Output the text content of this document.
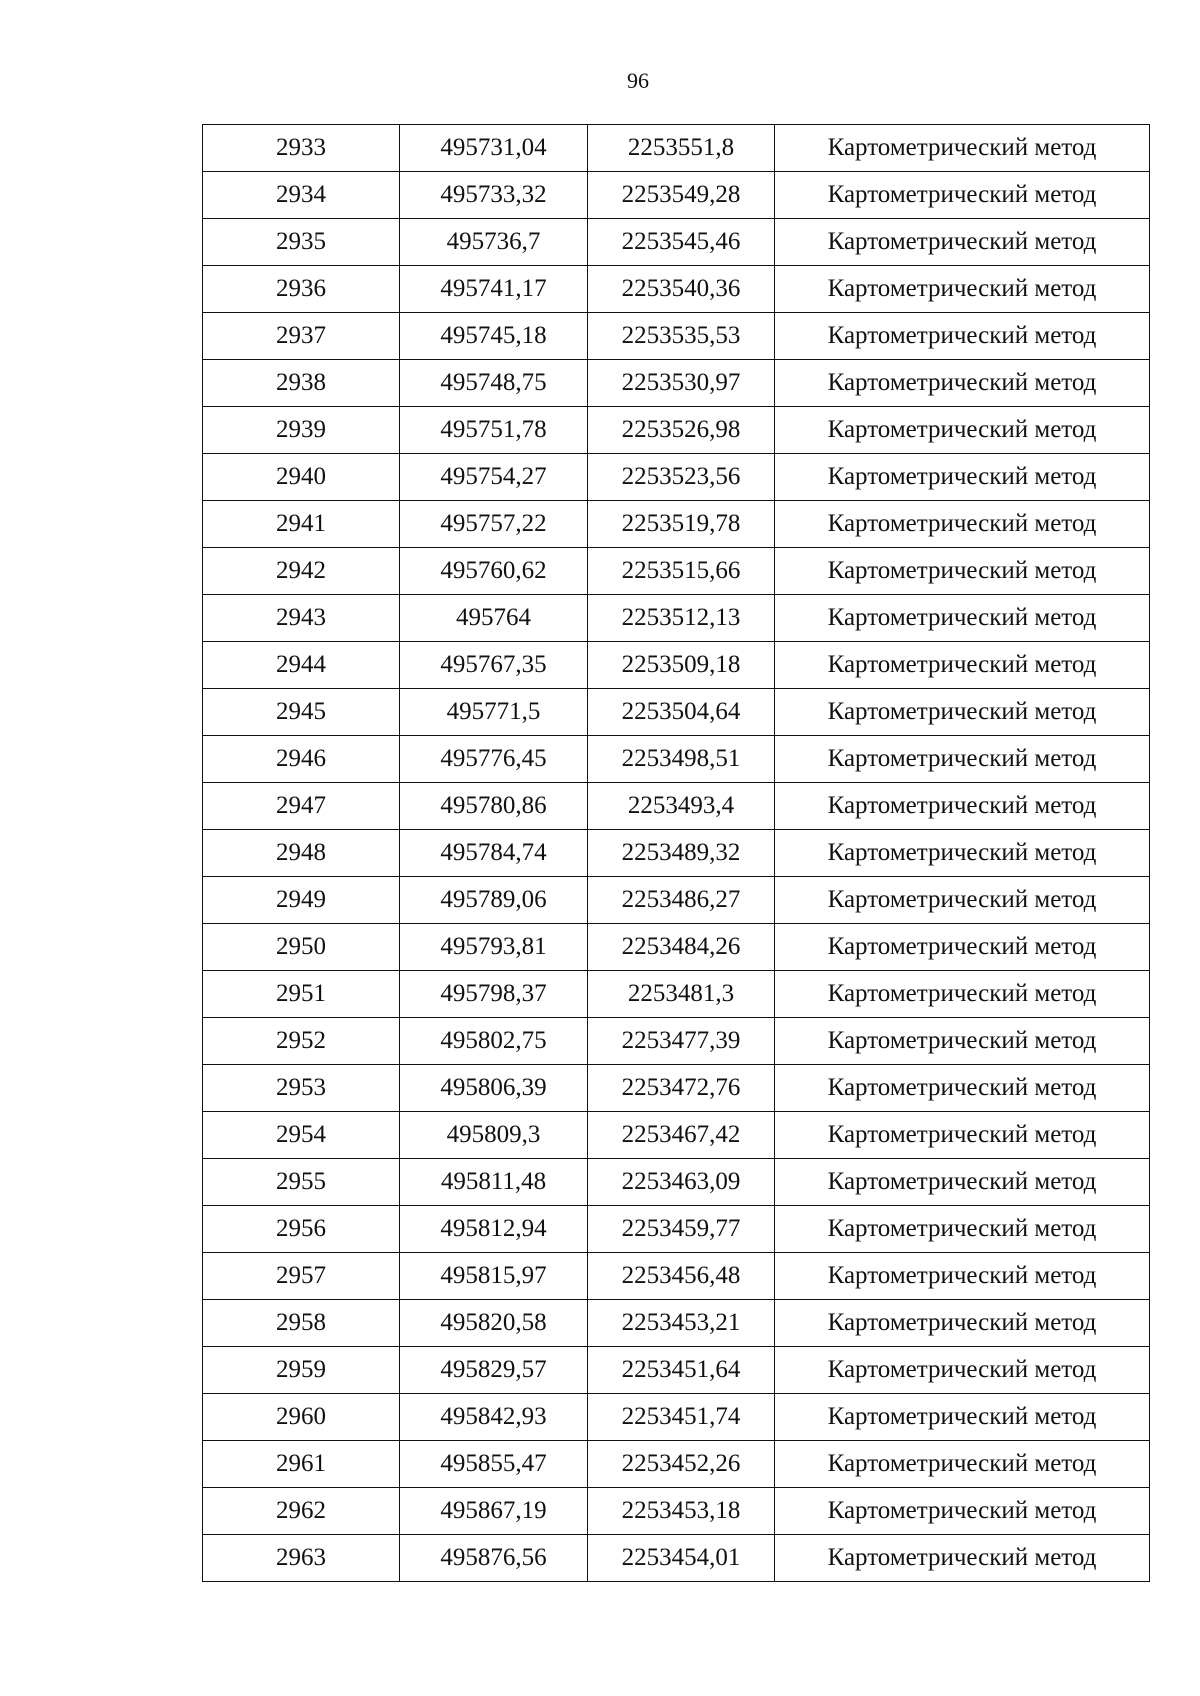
96
2933	495731,04	2253551,8	Картометрический метод
2934	495733,32	2253549,28	Картометрический метод
2935	495736,7	2253545,46	Картометрический метод
2936	495741,17	2253540,36	Картометрический метод
2937	495745,18	2253535,53	Картометрический метод
2938	495748,75	2253530,97	Картометрический метод
2939	495751,78	2253526,98	Картометрический метод
2940	495754,27	2253523,56	Картометрический метод
2941	495757,22	2253519,78	Картометрический метод
2942	495760,62	2253515,66	Картометрический метод
2943	495764	2253512,13	Картометрический метод
2944	495767,35	2253509,18	Картометрический метод
2945	495771,5	2253504,64	Картометрический метод
2946	495776,45	2253498,51	Картометрический метод
2947	495780,86	2253493,4	Картометрический метод
2948	495784,74	2253489,32	Картометрический метод
2949	495789,06	2253486,27	Картометрический метод
2950	495793,81	2253484,26	Картометрический метод
2951	495798,37	2253481,3	Картометрический метод
2952	495802,75	2253477,39	Картометрический метод
2953	495806,39	2253472,76	Картометрический метод
2954	495809,3	2253467,42	Картометрический метод
2955	495811,48	2253463,09	Картометрический метод
2956	495812,94	2253459,77	Картометрический метод
2957	495815,97	2253456,48	Картометрический метод
2958	495820,58	2253453,21	Картометрический метод
2959	495829,57	2253451,64	Картометрический метод
2960	495842,93	2253451,74	Картометрический метод
2961	495855,47	2253452,26	Картометрический метод
2962	495867,19	2253453,18	Картометрический метод
2963	495876,56	2253454,01	Картометрический метод
